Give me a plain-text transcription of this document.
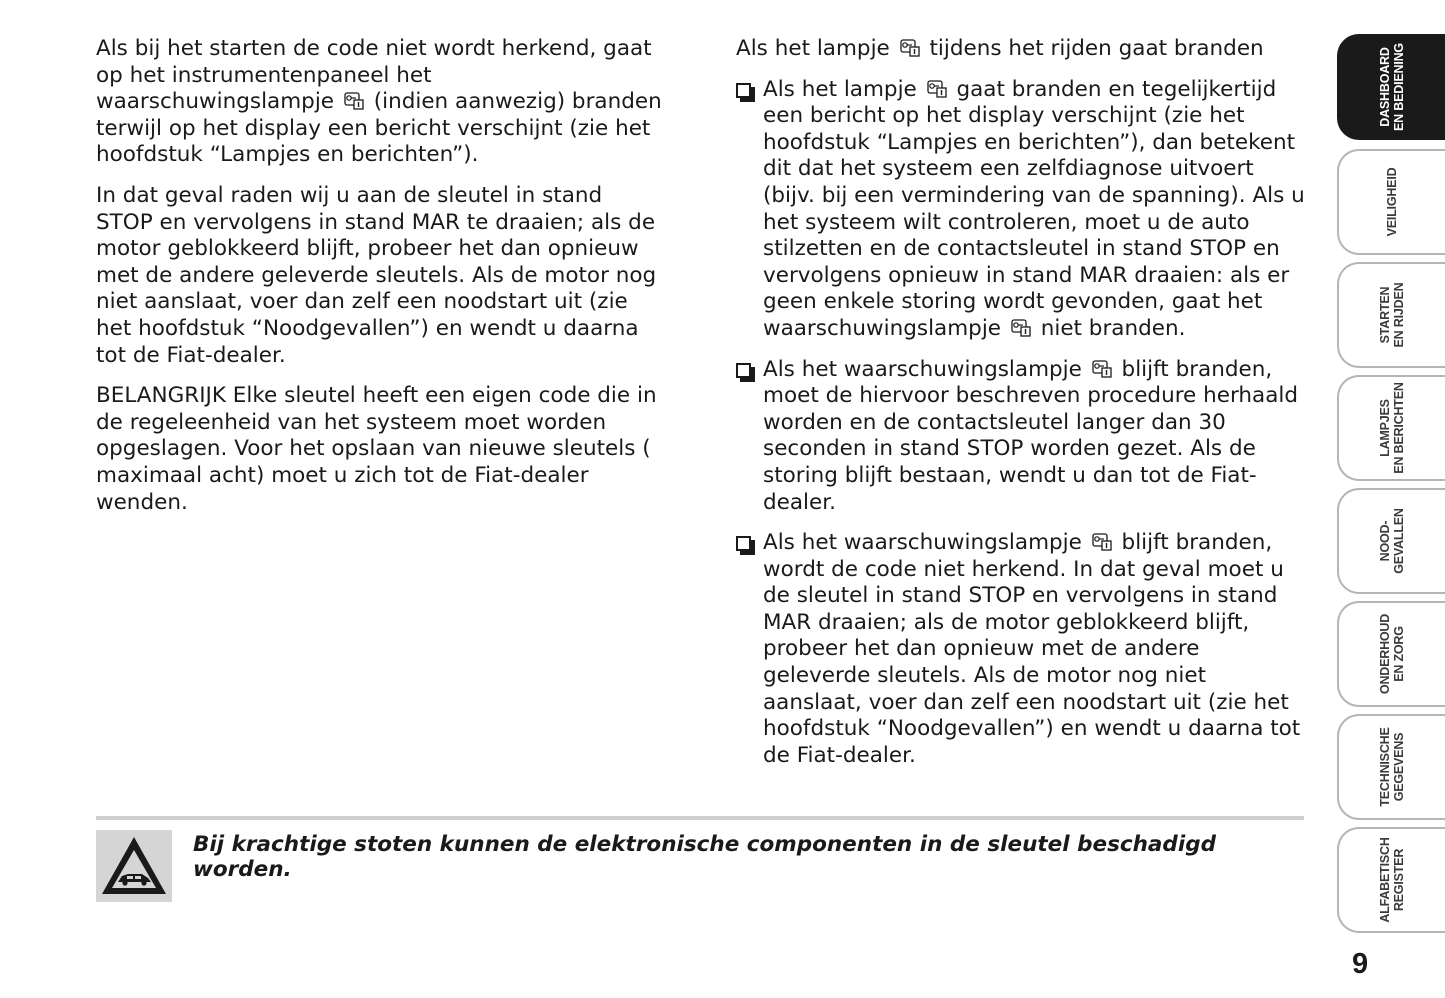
Als bij het starten de code niet wordt herkend, gaat op het instrumentenpaneel het waarschuwingslampje (indien aanwezig) branden terwijl op het display een bericht verschijnt (zie het hoofdstuk “Lampjes en berichten”).

In dat geval raden wij u aan de sleutel in stand STOP en vervolgens in stand MAR te draaien; als de motor geblokkeerd blijft, probeer het dan opnieuw met de andere geleverde sleutels. Als de motor nog niet aanslaat, voer dan zelf een noodstart uit (zie het hoofdstuk “Noodgevallen”) en wendt u daarna tot de Fiat-dealer.

BELANGRIJK Elke sleutel heeft een eigen code die in de regeleenheid van het systeem moet worden opgeslagen. Voor het opslaan van nieuwe sleutels ( maximaal acht) moet u zich tot de Fiat-dealer wenden.

Als het lampje tijdens het rijden gaat branden
Als het lampje gaat branden en tegelijkertijd een bericht op het display verschijnt (zie het hoofdstuk “Lampjes en berichten”), dan betekent dit dat het systeem een zelfdiagnose uitvoert (bijv. bij een vermindering van de spanning). Als u het systeem wilt controleren, moet u de auto stilzetten en de contactsleutel in stand STOP en vervolgens opnieuw in stand MAR draaien: als er geen enkele storing wordt gevonden, gaat het waarschuwingslampje niet branden.
Als het waarschuwingslampje blijft branden, moet de hiervoor beschreven procedure herhaald worden en de contactsleutel langer dan 30 seconden in stand STOP worden gezet. Als de storing blijft bestaan, wendt u dan tot de Fiat-dealer.
Als het waarschuwingslampje blijft branden, wordt de code niet herkend. In dat geval moet u de sleutel in stand STOP en vervolgens in stand MAR draaien; als de motor geblokkeerd blijft, probeer het dan opnieuw met de andere geleverde sleutels. Als de motor nog niet aanslaat, voer dan zelf een noodstart uit (zie het hoofdstuk “Noodgevallen”) en wendt u daarna tot de Fiat-dealer.
Bij krachtige stoten kunnen de elektronische componenten in de sleutel beschadigd worden.
DASHBOARD EN BEDIENING
VEILIGHEID
STARTEN EN RIJDEN
LAMPJES EN BERICHTEN
NOOD- GEVALLEN
ONDERHOUD EN ZORG
TECHNISCHE GEGEVENS
ALFABETISCH REGISTER
9
